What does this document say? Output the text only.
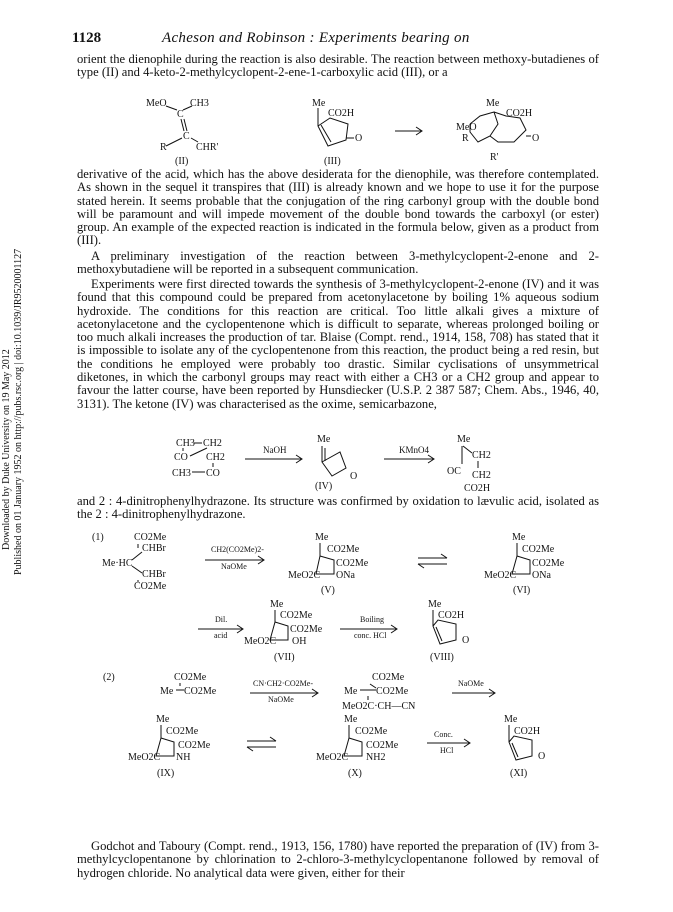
Downloaded by Duke University on 19 May 2012 Published on 01 January 1952 on http://pubs.rsc.org | doi:10.1039/JR9520001127
1128	Acheson and Robinson : Experiments bearing on

orient the dienophile during the reaction is also desirable. The reaction between methoxy-butadienes of type (II) and 4-keto-2-methylcyclopent-2-ene-1-carboxylic acid (III), or a

derivative of the acid, which has the above desiderata for the dienophile, was therefore contemplated. As shown in the sequel it transpires that (III) is already known and we hope to use it for the purpose stated herein. It seems probable that the conjugation of the ring carbonyl group with the double bond will be paramount and will impede movement of the double bond towards the carboxyl (or ester) group. An example of the expected reaction is indicated in the formula below, given as a product from (III).

A preliminary investigation of the reaction between 3-methylcyclopent-2-enone and 2-methoxybutadiene will be reported in a subsequent communication.

Experiments were first directed towards the synthesis of 3-methylcyclopent-2-enone (IV) and it was found that this compound could be prepared from acetonylacetone by boiling 1% aqueous sodium hydroxide. The conditions for this reaction are critical. Too little alkali gives a mixture of acetonylacetone and the cyclopentenone which is difficult to separate, whereas prolonged boiling or too much alkali increases the production of tar. Blaise (Compt. rend., 1914, 158, 708) has stated that it is impossible to isolate any of the cyclopentenone from this reaction, the product being a red resin, but the conditions he employed were probably too drastic. Similar cyclisations of unsymmetrical diketones, in which the carbonyl groups may react with either a CH3 or a CH2 group and appear to favour the latter course, have been reported by Hunsdiecker (U.S.P. 2 387 587; Chem. Abs., 1946, 40, 3131). The ketone (IV) was characterised as the oxime, semicarbazone,

and 2 : 4-dinitrophenylhydrazone. Its structure was confirmed by oxidation to lævulic acid, isolated as the 2 : 4-dinitrophenylhydrazone.

Godchot and Taboury (Compt. rend., 1913, 156, 1780) have reported the preparation of (IV) from 3-methylcyclopentanone by chlorination to 2-chloro-3-methylcyclopentanone followed by removal of hydrogen chloride. No analytical data were given, either for their

MeO CH3
C
C
R	CHR'
(II)
Me
CO2H
O
(III)
Me
CO2H
MeO
R
R'
O
CH3 CH2
CO CH2
CH3 CO
NaOH
Me
O
(IV)
KMnO4
Me
CH2
OC CH2
CO2H
(1)	CO2Me
CHBr
Me·HC
CHBr
CO2Me
CH2(CO2Me)2-
NaOMe
Me
CO2Me
CO2Me
MeO2C ONa
(V)
Me
CO2Me
CO2Me
MeO2C ONa
(VI)
Dil.
acid
Me
CO2Me
CO2Me
MeO2C OH
(VII)
Boiling
conc. HCl
Me
CO2H
O
(VIII)
(2)	CO2Me
Me CO2Me
CN·CH2·CO2Me-
NaOMe
CO2Me
Me CO2Me
MeO2C·CH—CN
NaOMe
Me
CO2Me
CO2Me
MeO2C NH
(IX)
Me
CO2Me
CO2Me
MeO2C NH2
(X)
Conc.
HCl
Me
CO2H
O
(XI)
